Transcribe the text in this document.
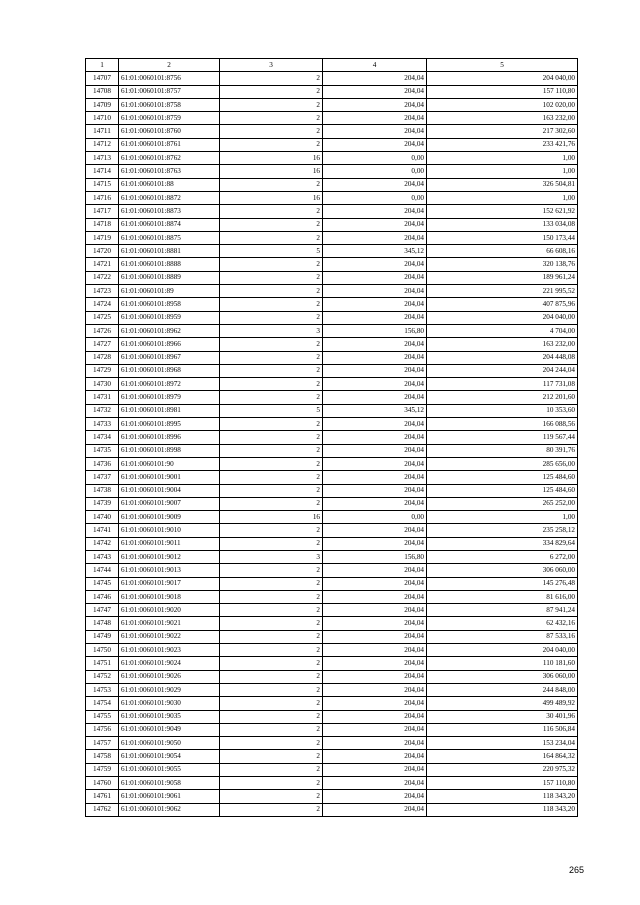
1	2	3	4	5
14707	61:01:0060101:8756	2	204,04	204 040,00
14708	61:01:0060101:8757	2	204,04	157 110,80
14709	61:01:0060101:8758	2	204,04	102 020,00
14710	61:01:0060101:8759	2	204,04	163 232,00
14711	61:01:0060101:8760	2	204,04	217 302,60
14712	61:01:0060101:8761	2	204,04	233 421,76
14713	61:01:0060101:8762	16	0,00	1,00
14714	61:01:0060101:8763	16	0,00	1,00
14715	61:01:0060101:88	2	204,04	326 504,81
14716	61:01:0060101:8872	16	0,00	1,00
14717	61:01:0060101:8873	2	204,04	152 621,92
14718	61:01:0060101:8874	2	204,04	133 034,08
14719	61:01:0060101:8875	2	204,04	150 173,44
14720	61:01:0060101:8881	5	345,12	66 608,16
14721	61:01:0060101:8888	2	204,04	320 138,76
14722	61:01:0060101:8889	2	204,04	189 961,24
14723	61:01:0060101:89	2	204,04	221 995,52
14724	61:01:0060101:8958	2	204,04	407 875,96
14725	61:01:0060101:8959	2	204,04	204 040,00
14726	61:01:0060101:8962	3	156,80	4 704,00
14727	61:01:0060101:8966	2	204,04	163 232,00
14728	61:01:0060101:8967	2	204,04	204 448,08
14729	61:01:0060101:8968	2	204,04	204 244,04
14730	61:01:0060101:8972	2	204,04	117 731,08
14731	61:01:0060101:8979	2	204,04	212 201,60
14732	61:01:0060101:8981	5	345,12	10 353,60
14733	61:01:0060101:8995	2	204,04	166 088,56
14734	61:01:0060101:8996	2	204,04	119 567,44
14735	61:01:0060101:8998	2	204,04	80 391,76
14736	61:01:0060101:90	2	204,04	285 656,00
14737	61:01:0060101:9001	2	204,04	125 484,60
14738	61:01:0060101:9004	2	204,04	125 484,60
14739	61:01:0060101:9007	2	204,04	265 252,00
14740	61:01:0060101:9009	16	0,00	1,00
14741	61:01:0060101:9010	2	204,04	235 258,12
14742	61:01:0060101:9011	2	204,04	334 829,64
14743	61:01:0060101:9012	3	156,80	6 272,00
14744	61:01:0060101:9013	2	204,04	306 060,00
14745	61:01:0060101:9017	2	204,04	145 276,48
14746	61:01:0060101:9018	2	204,04	81 616,00
14747	61:01:0060101:9020	2	204,04	87 941,24
14748	61:01:0060101:9021	2	204,04	62 432,16
14749	61:01:0060101:9022	2	204,04	87 533,16
14750	61:01:0060101:9023	2	204,04	204 040,00
14751	61:01:0060101:9024	2	204,04	110 181,60
14752	61:01:0060101:9026	2	204,04	306 060,00
14753	61:01:0060101:9029	2	204,04	244 848,00
14754	61:01:0060101:9030	2	204,04	499 489,92
14755	61:01:0060101:9035	2	204,04	30 401,96
14756	61:01:0060101:9049	2	204,04	116 506,84
14757	61:01:0060101:9050	2	204,04	153 234,04
14758	61:01:0060101:9054	2	204,04	164 864,32
14759	61:01:0060101:9055	2	204,04	220 975,32
14760	61:01:0060101:9058	2	204,04	157 110,80
14761	61:01:0060101:9061	2	204,04	118 343,20
14762	61:01:0060101:9062	2	204,04	118 343,20
265
